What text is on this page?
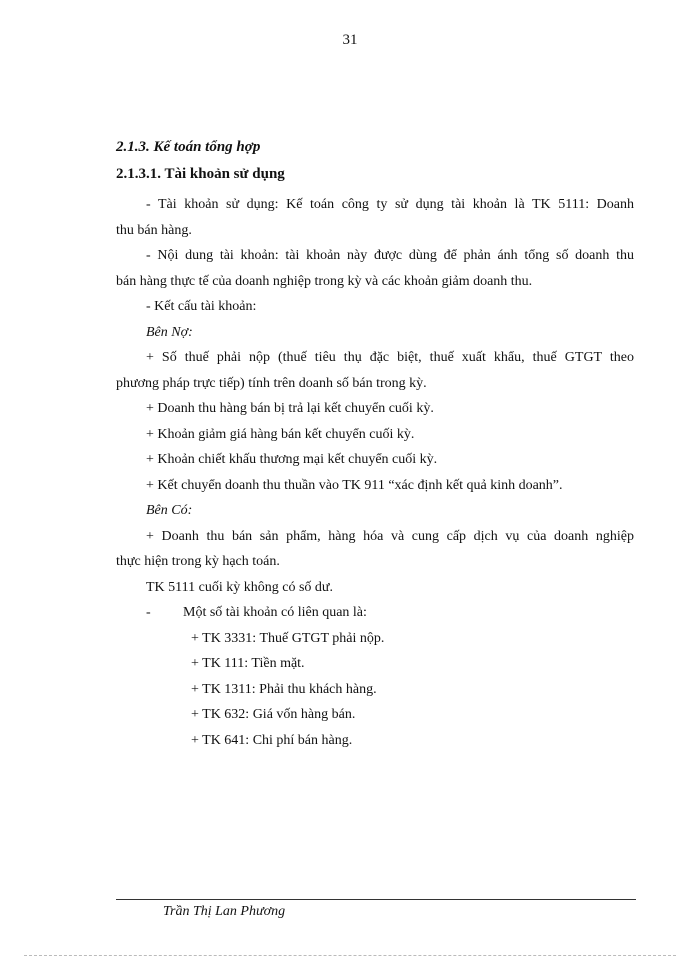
31
2.1.3. Kế toán tổng hợp
2.1.3.1. Tài khoản sử dụng

- Tài khoản sử dụng: Kế toán công ty sử dụng tài khoản là TK 5111: Doanh

thu bán hàng.

- Nội dung tài khoản: tài khoản này được dùng để phản ánh tổng số doanh thu

bán hàng thực tế của doanh nghiệp trong kỳ và các khoản giảm doanh thu.

- Kết cấu tài khoản:

Bên Nợ:

+ Số thuế phải nộp (thuế tiêu thụ đặc biệt, thuế xuất khẩu, thuế GTGT theo

phương pháp trực tiếp) tính trên doanh số bán trong kỳ.

+ Doanh thu hàng bán bị trả lại kết chuyển cuối kỳ.

+ Khoản giảm giá hàng bán kết chuyển cuối kỳ.

+ Khoản chiết khấu thương mại kết chuyển cuối kỳ.

+ Kết chuyển doanh thu thuần vào TK 911 “xác định kết quả kinh doanh”.

Bên Có:

+ Doanh thu bán sản phẩm, hàng hóa và cung cấp dịch vụ của doanh nghiệp

thực hiện trong kỳ hạch toán.

TK 5111 cuối kỳ không có số dư.

-	Một số tài khoản có liên quan là:

+ TK 3331: Thuế GTGT phải nộp.

+ TK 111: Tiền mặt.

+ TK 1311: Phải thu khách hàng.

+ TK 632: Giá vốn hàng bán.

+ TK 641: Chi phí bán hàng.

Trần Thị Lan Phương
